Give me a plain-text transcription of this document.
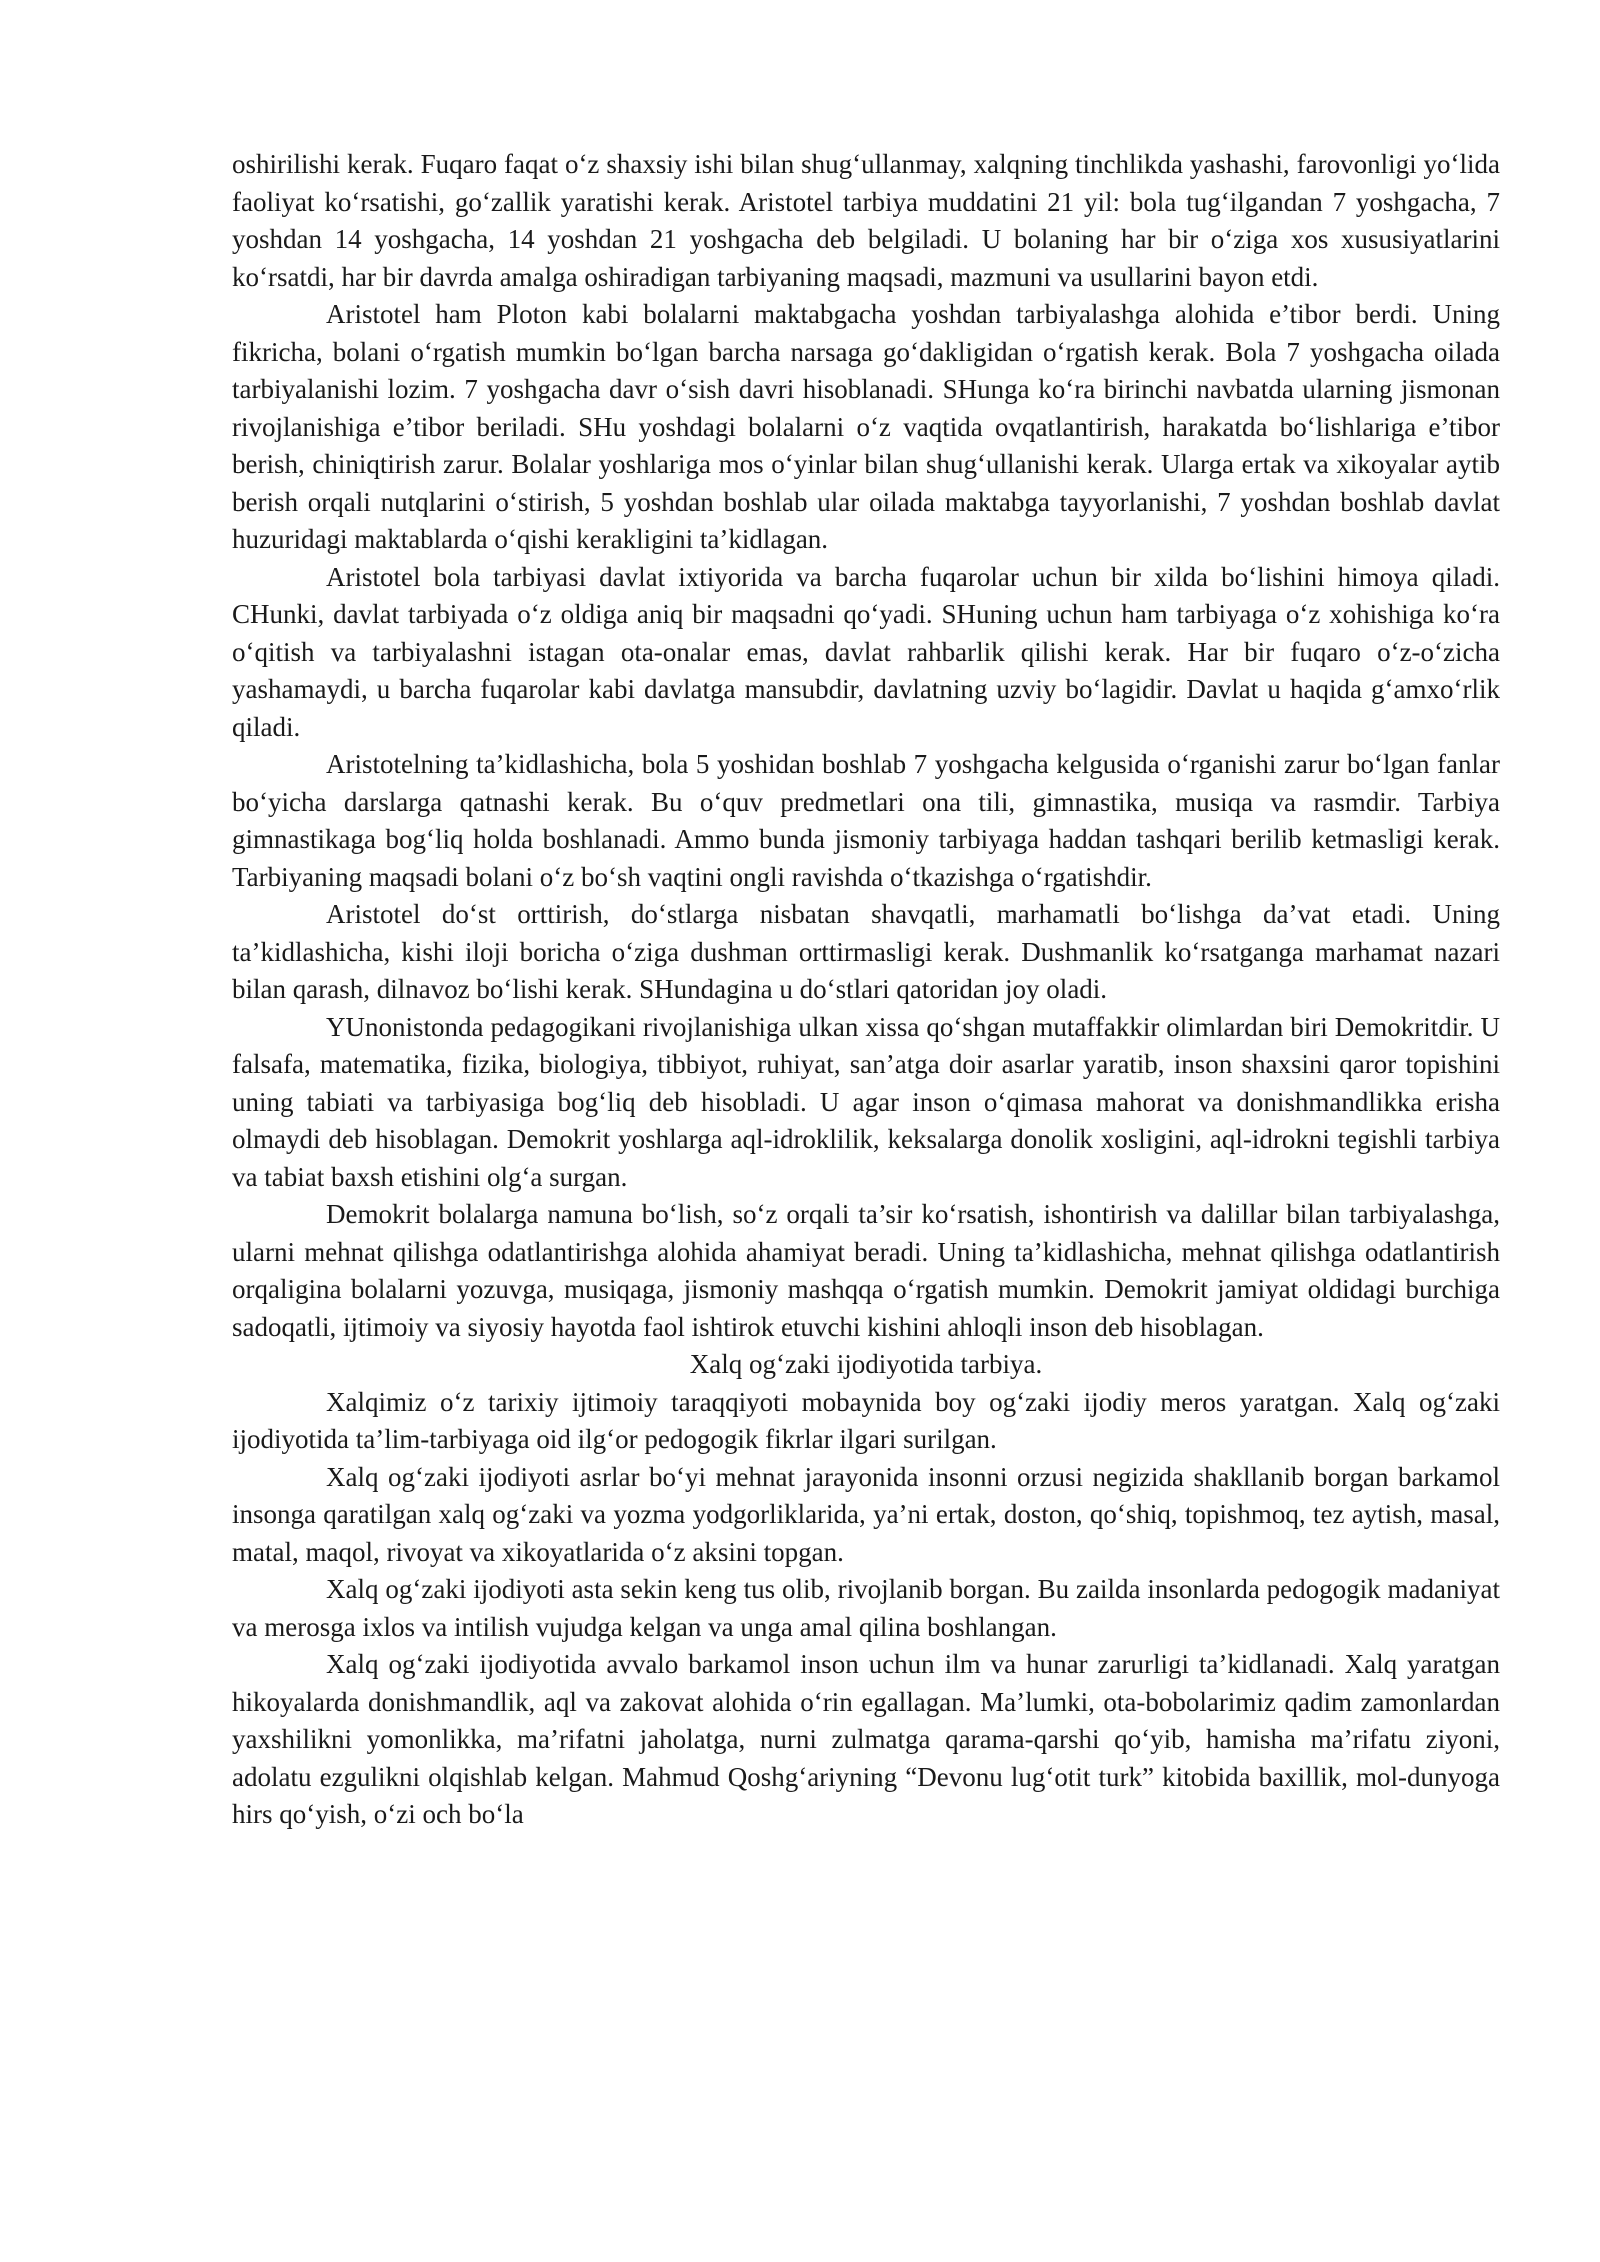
oshirilishi kerak. Fuqaro faqat o‘z shaxsiy ishi bilan shug‘ullanmay, xalqning tinchlikda yashashi, farovonligi yo‘lida faoliyat ko‘rsatishi, go‘zallik yaratishi kerak. Aristotel tarbiya muddatini 21 yil: bola tug‘ilgandan 7 yoshgacha, 7 yoshdan 14 yoshgacha, 14 yoshdan 21 yoshgacha deb belgiladi. U bolaning har bir o‘ziga xos xususiyatlarini ko‘rsatdi, har bir davrda amalga oshiradigan tarbiyaning maqsadi, mazmuni va usullarini bayon etdi.

Aristotel ham Ploton kabi bolalarni maktabgacha yoshdan tarbiyalashga alohida e’tibor berdi. Uning fikricha, bolani o‘rgatish mumkin bo‘lgan barcha narsaga go‘dakligidan o‘rgatish kerak. Bola 7 yoshgacha oilada tarbiyalanishi lozim. 7 yoshgacha davr o‘sish davri hisoblanadi. SHunga ko‘ra birinchi navbatda ularning jismonan rivojlanishiga e’tibor beriladi. SHu yoshdagi bolalarni o‘z vaqtida ovqatlantirish, harakatda bo‘lishlariga e’tibor berish, chiniqtirish zarur. Bolalar yoshlariga mos o‘yinlar bilan shug‘ullanishi kerak. Ularga ertak va xikoyalar aytib berish orqali nutqlarini o‘stirish, 5 yoshdan boshlab ular oilada maktabga tayyorlanishi, 7 yoshdan boshlab davlat huzuridagi maktablarda o‘qishi kerakligini ta’kidlagan.

Aristotel bola tarbiyasi davlat ixtiyorida va barcha fuqarolar uchun bir xilda bo‘lishini himoya qiladi. CHunki, davlat tarbiyada o‘z oldiga aniq bir maqsadni qo‘yadi. SHuning uchun ham tarbiyaga o‘z xohishiga ko‘ra o‘qitish va tarbiyalashni istagan ota-onalar emas, davlat rahbarlik qilishi kerak. Har bir fuqaro o‘z-o‘zicha yashamaydi, u barcha fuqarolar kabi davlatga mansubdir, davlatning uzviy bo‘lagidir. Davlat u haqida g‘amxo‘rlik qiladi.

Aristotelning ta’kidlashicha, bola 5 yoshidan boshlab 7 yoshgacha kelgusida o‘rganishi zarur bo‘lgan fanlar bo‘yicha darslarga qatnashi kerak. Bu o‘quv predmetlari ona tili, gimnastika, musiqa va rasmdir. Tarbiya gimnastikaga bog‘liq holda boshlanadi. Ammo bunda jismoniy tarbiyaga haddan tashqari berilib ketmasligi kerak. Tarbiyaning maqsadi bolani o‘z bo‘sh vaqtini ongli ravishda o‘tkazishga o‘rgatishdir.

Aristotel do‘st orttirish, do‘stlarga nisbatan shavqatli, marhamatli bo‘lishga da’vat etadi. Uning ta’kidlashicha, kishi iloji boricha o‘ziga dushman orttirmasligi kerak. Dushmanlik ko‘rsatganga marhamat nazari bilan qarash, dilnavoz bo‘lishi kerak. SHundagina u do‘stlari qatoridan joy oladi.

YUnonistonda pedagogikani rivojlanishiga ulkan xissa qo‘shgan mutaffakkir olimlardan biri Demokritdir. U falsafa, matematika, fizika, biologiya, tibbiyot, ruhiyat, san’atga doir asarlar yaratib, inson shaxsini qaror topishini uning tabiati va tarbiyasiga bog‘liq deb hisobladi. U agar inson o‘qimasa mahorat va donishmandlikka erisha olmaydi deb hisoblagan. Demokrit yoshlarga aql-idroklilik, keksalarga donolik xosligini, aql-idrokni tegishli tarbiya va tabiat baxsh etishini olg‘a surgan.

Demokrit bolalarga namuna bo‘lish, so‘z orqali ta’sir ko‘rsatish, ishontirish va dalillar bilan tarbiyalashga, ularni mehnat qilishga odatlantirishga alohida ahamiyat beradi. Uning ta’kidlashicha, mehnat qilishga odatlantirish orqaligina bolalarni yozuvga, musiqaga, jismoniy mashqqa o‘rgatish mumkin. Demokrit jamiyat oldidagi burchiga sadoqatli, ijtimoiy va siyosiy hayotda faol ishtirok etuvchi kishini ahloqli inson deb hisoblagan.

Xalq og‘zaki ijodiyotida tarbiya.

Xalqimiz o‘z tarixiy ijtimoiy taraqqiyoti mobaynida boy og‘zaki ijodiy meros yaratgan. Xalq og‘zaki ijodiyotida ta’lim-tarbiyaga oid ilg‘or pedogogik fikrlar ilgari surilgan.

Xalq og‘zaki ijodiyoti asrlar bo‘yi mehnat jarayonida insonni orzusi negizida shakllanib borgan barkamol insonga qaratilgan xalq og‘zaki va yozma yodgorliklarida, ya’ni ertak, doston, qo‘shiq, topishmoq, tez aytish, masal, matal, maqol, rivoyat va xikoyatlarida o‘z aksini topgan.

Xalq og‘zaki ijodiyoti asta sekin keng tus olib, rivojlanib borgan. Bu zailda insonlarda pedogogik madaniyat va merosga ixlos va intilish vujudga kelgan va unga amal qilina boshlangan.

Xalq og‘zaki ijodiyotida avvalo barkamol inson uchun ilm va hunar zarurligi ta’kidlanadi. Xalq yaratgan hikoyalarda donishmandlik, aql va zakovat alohida o‘rin egallagan. Ma’lumki, ota-bobolarimiz qadim zamonlardan yaxshilikni yomonlikka, ma’rifatni jaholatga, nurni zulmatga qarama-qarshi qo‘yib, hamisha ma’rifatu ziyoni, adolatu ezgulikni olqishlab kelgan. Mahmud Qoshg‘ariyning “Devonu lug‘otit turk” kitobida baxillik, mol-dunyoga hirs qo‘yish, o‘zi och bo‘la
